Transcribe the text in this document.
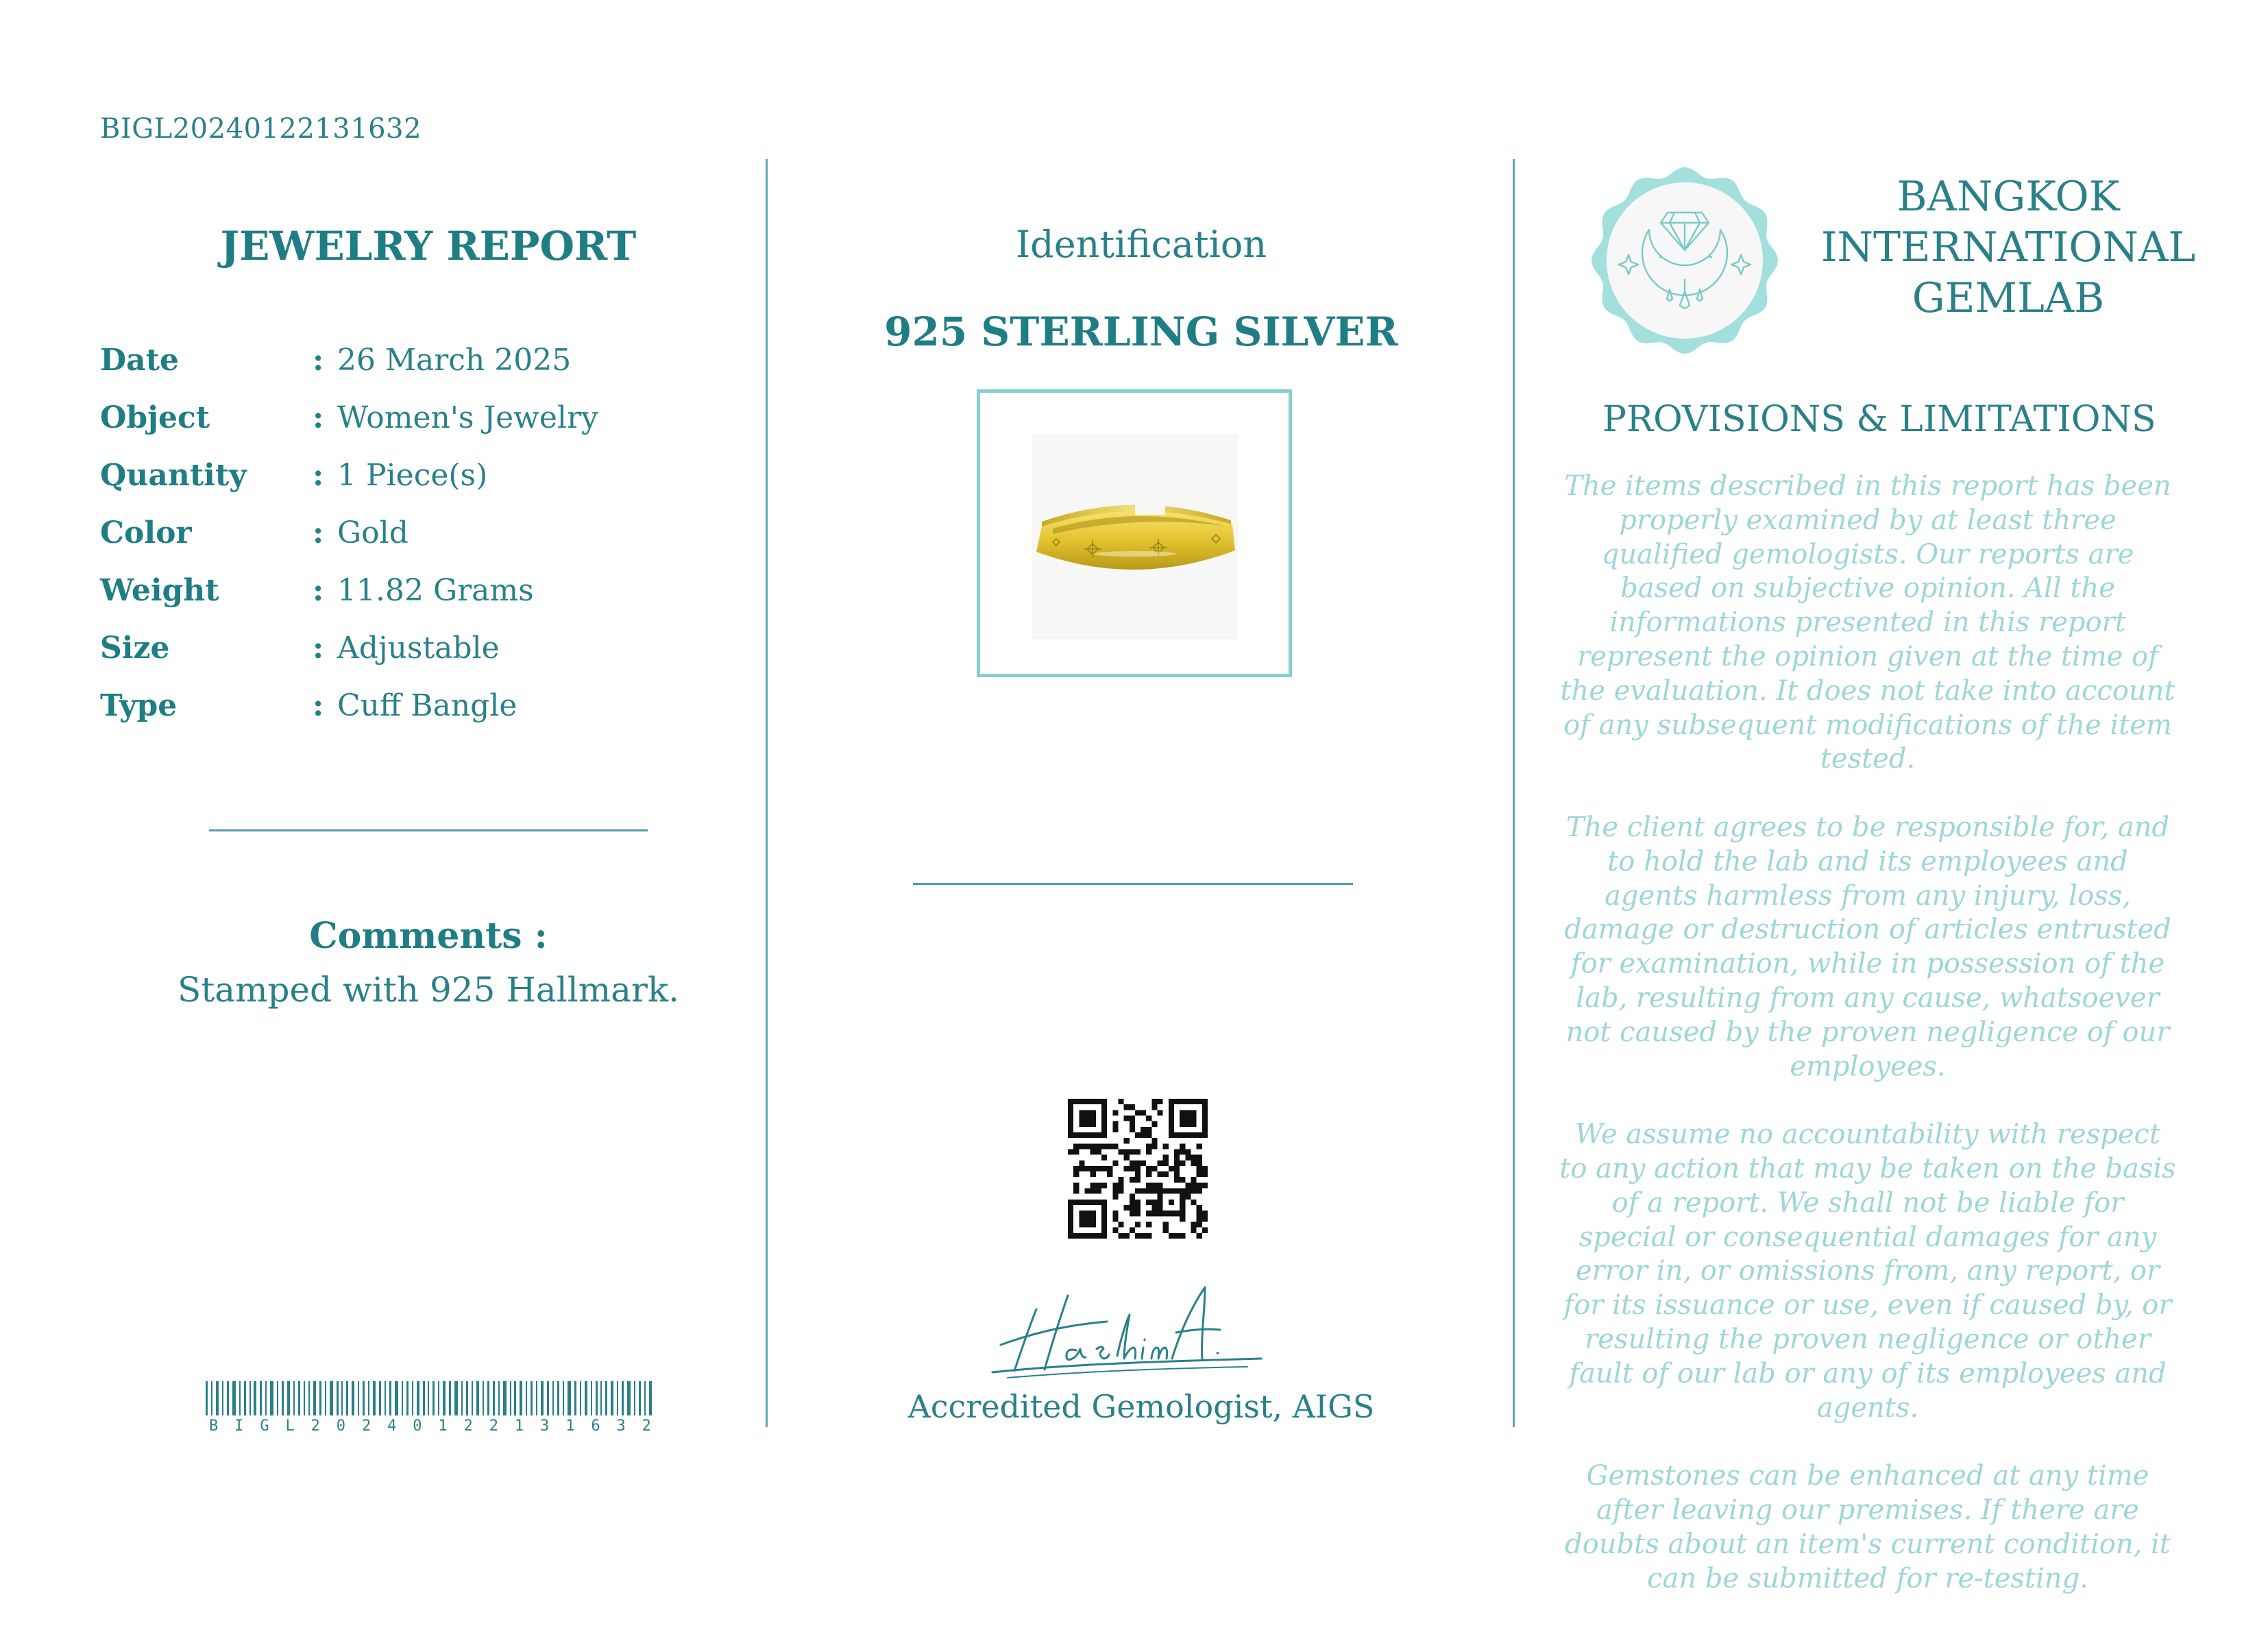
BIGL20240122131632
JEWELRY REPORT
Date	: 26 March 2025
Object	: Women's Jewelry
Quantity : 1 Piece(s)
Color	: Gold
Weight	: 11.82 Grams
Size	: Adjustable
Type	: Cuff Bangle
Comments :
Stamped with 925 Hallmark.
B I G L 2 0 2 4 0 1 2 2 1 3 1 6 3 2
Identification
925 STERLING SILVER
Accredited Gemologist, AIGS
BANGKOK
INTERNATIONAL
GEMLAB
PROVISIONS & LIMITATIONS

The items described in this report has been properly examined by at least three qualified gemologists. Our reports are based on subjective opinion. All the informations presented in this report represent the opinion given at the time of the evaluation. It does not take into account of any subsequent modifications of the item tested.

The client agrees to be responsible for, and to hold the lab and its employees and agents harmless from any injury, loss, damage or destruction of articles entrusted for examination, while in possession of the lab, resulting from any cause, whatsoever not caused by the proven negligence of our employees.

We assume no accountability with respect to any action that may be taken on the basis of a report. We shall not be liable for special or consequential damages for any error in, or omissions from, any report, or for its issuance or use, even if caused by, or resulting the proven negligence or other fault of our lab or any of its employees and agents.

Gemstones can be enhanced at any time after leaving our premises. If there are doubts about an item's current condition, it can be submitted for re-testing.
